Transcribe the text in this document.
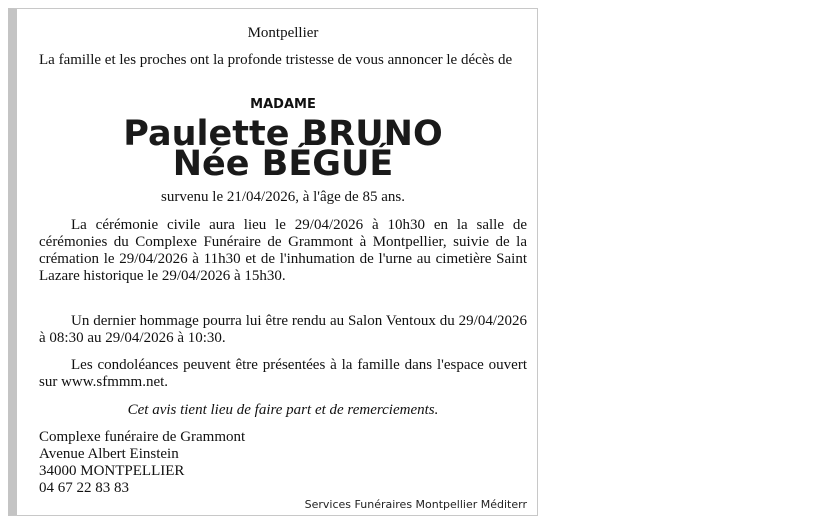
Montpellier
La famille et les proches ont la profonde tristesse de vous annoncer le décès de
MADAME
Paulette BRUNO
Née BÉGUÉ
survenu le 21/04/2026, à l'âge de 85 ans.
La cérémonie civile aura lieu le 29/04/2026 à 10h30 en la salle de cérémonies du Complexe Funéraire de Grammont à Montpellier, suivie de la crémation le 29/04/2026 à 11h30 et de l'inhumation de l'urne au cimetière Saint Lazare historique le 29/04/2026 à 15h30.
Un dernier hommage pourra lui être rendu au Salon Ventoux du 29/04/2026 à 08:30 au 29/04/2026 à 10:30.
Les condoléances peuvent être présentées à la famille dans l'espace ouvert sur www.sfmmm.net.
Cet avis tient lieu de faire part et de remerciements.
Complexe funéraire de Grammont
Avenue Albert Einstein
34000 MONTPELLIER
04 67 22 83 83
Services Funéraires Montpellier Méditerr
